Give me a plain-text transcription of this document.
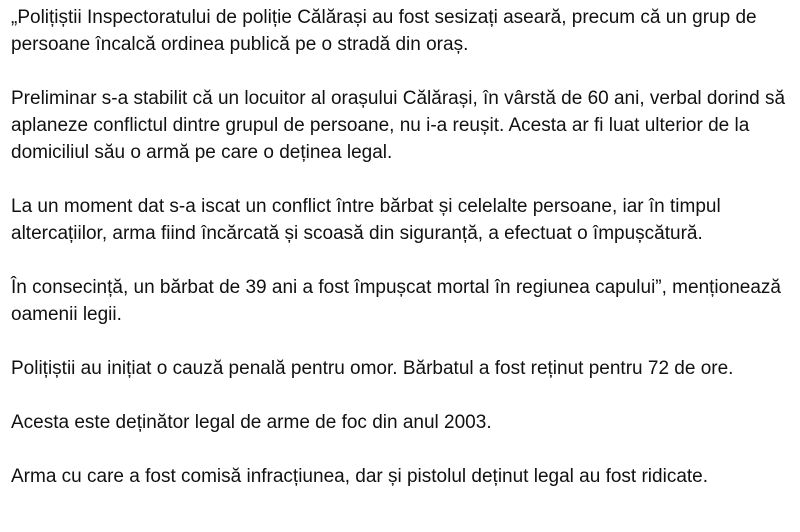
„Polițiștii Inspectoratului de poliție Călărași au fost sesizați aseară, precum că un grup de persoane încalcă ordinea publică pe o stradă din oraș.

Preliminar s-a stabilit că un locuitor al orașului Călărași, în vârstă de 60 ani, verbal dorind să aplaneze conflictul dintre grupul de persoane, nu i-a reușit. Acesta ar fi luat ulterior de la domiciliul său o armă pe care o deținea legal.

La un moment dat s-a iscat un conflict între bărbat și celelalte persoane, iar în timpul altercațiilor, arma fiind încărcată și scoasă din siguranță, a efectuat o împușcătură.

În consecință, un bărbat de 39 ani a fost împușcat mortal în regiunea capului”, menționează oamenii legii.

Polițiștii au inițiat o cauză penală pentru omor. Bărbatul a fost reținut pentru 72 de ore.

Acesta este deținător legal de arme de foc din anul 2003.

Arma cu care a fost comisă infracțiunea, dar și pistolul deținut legal au fost ridicate.
